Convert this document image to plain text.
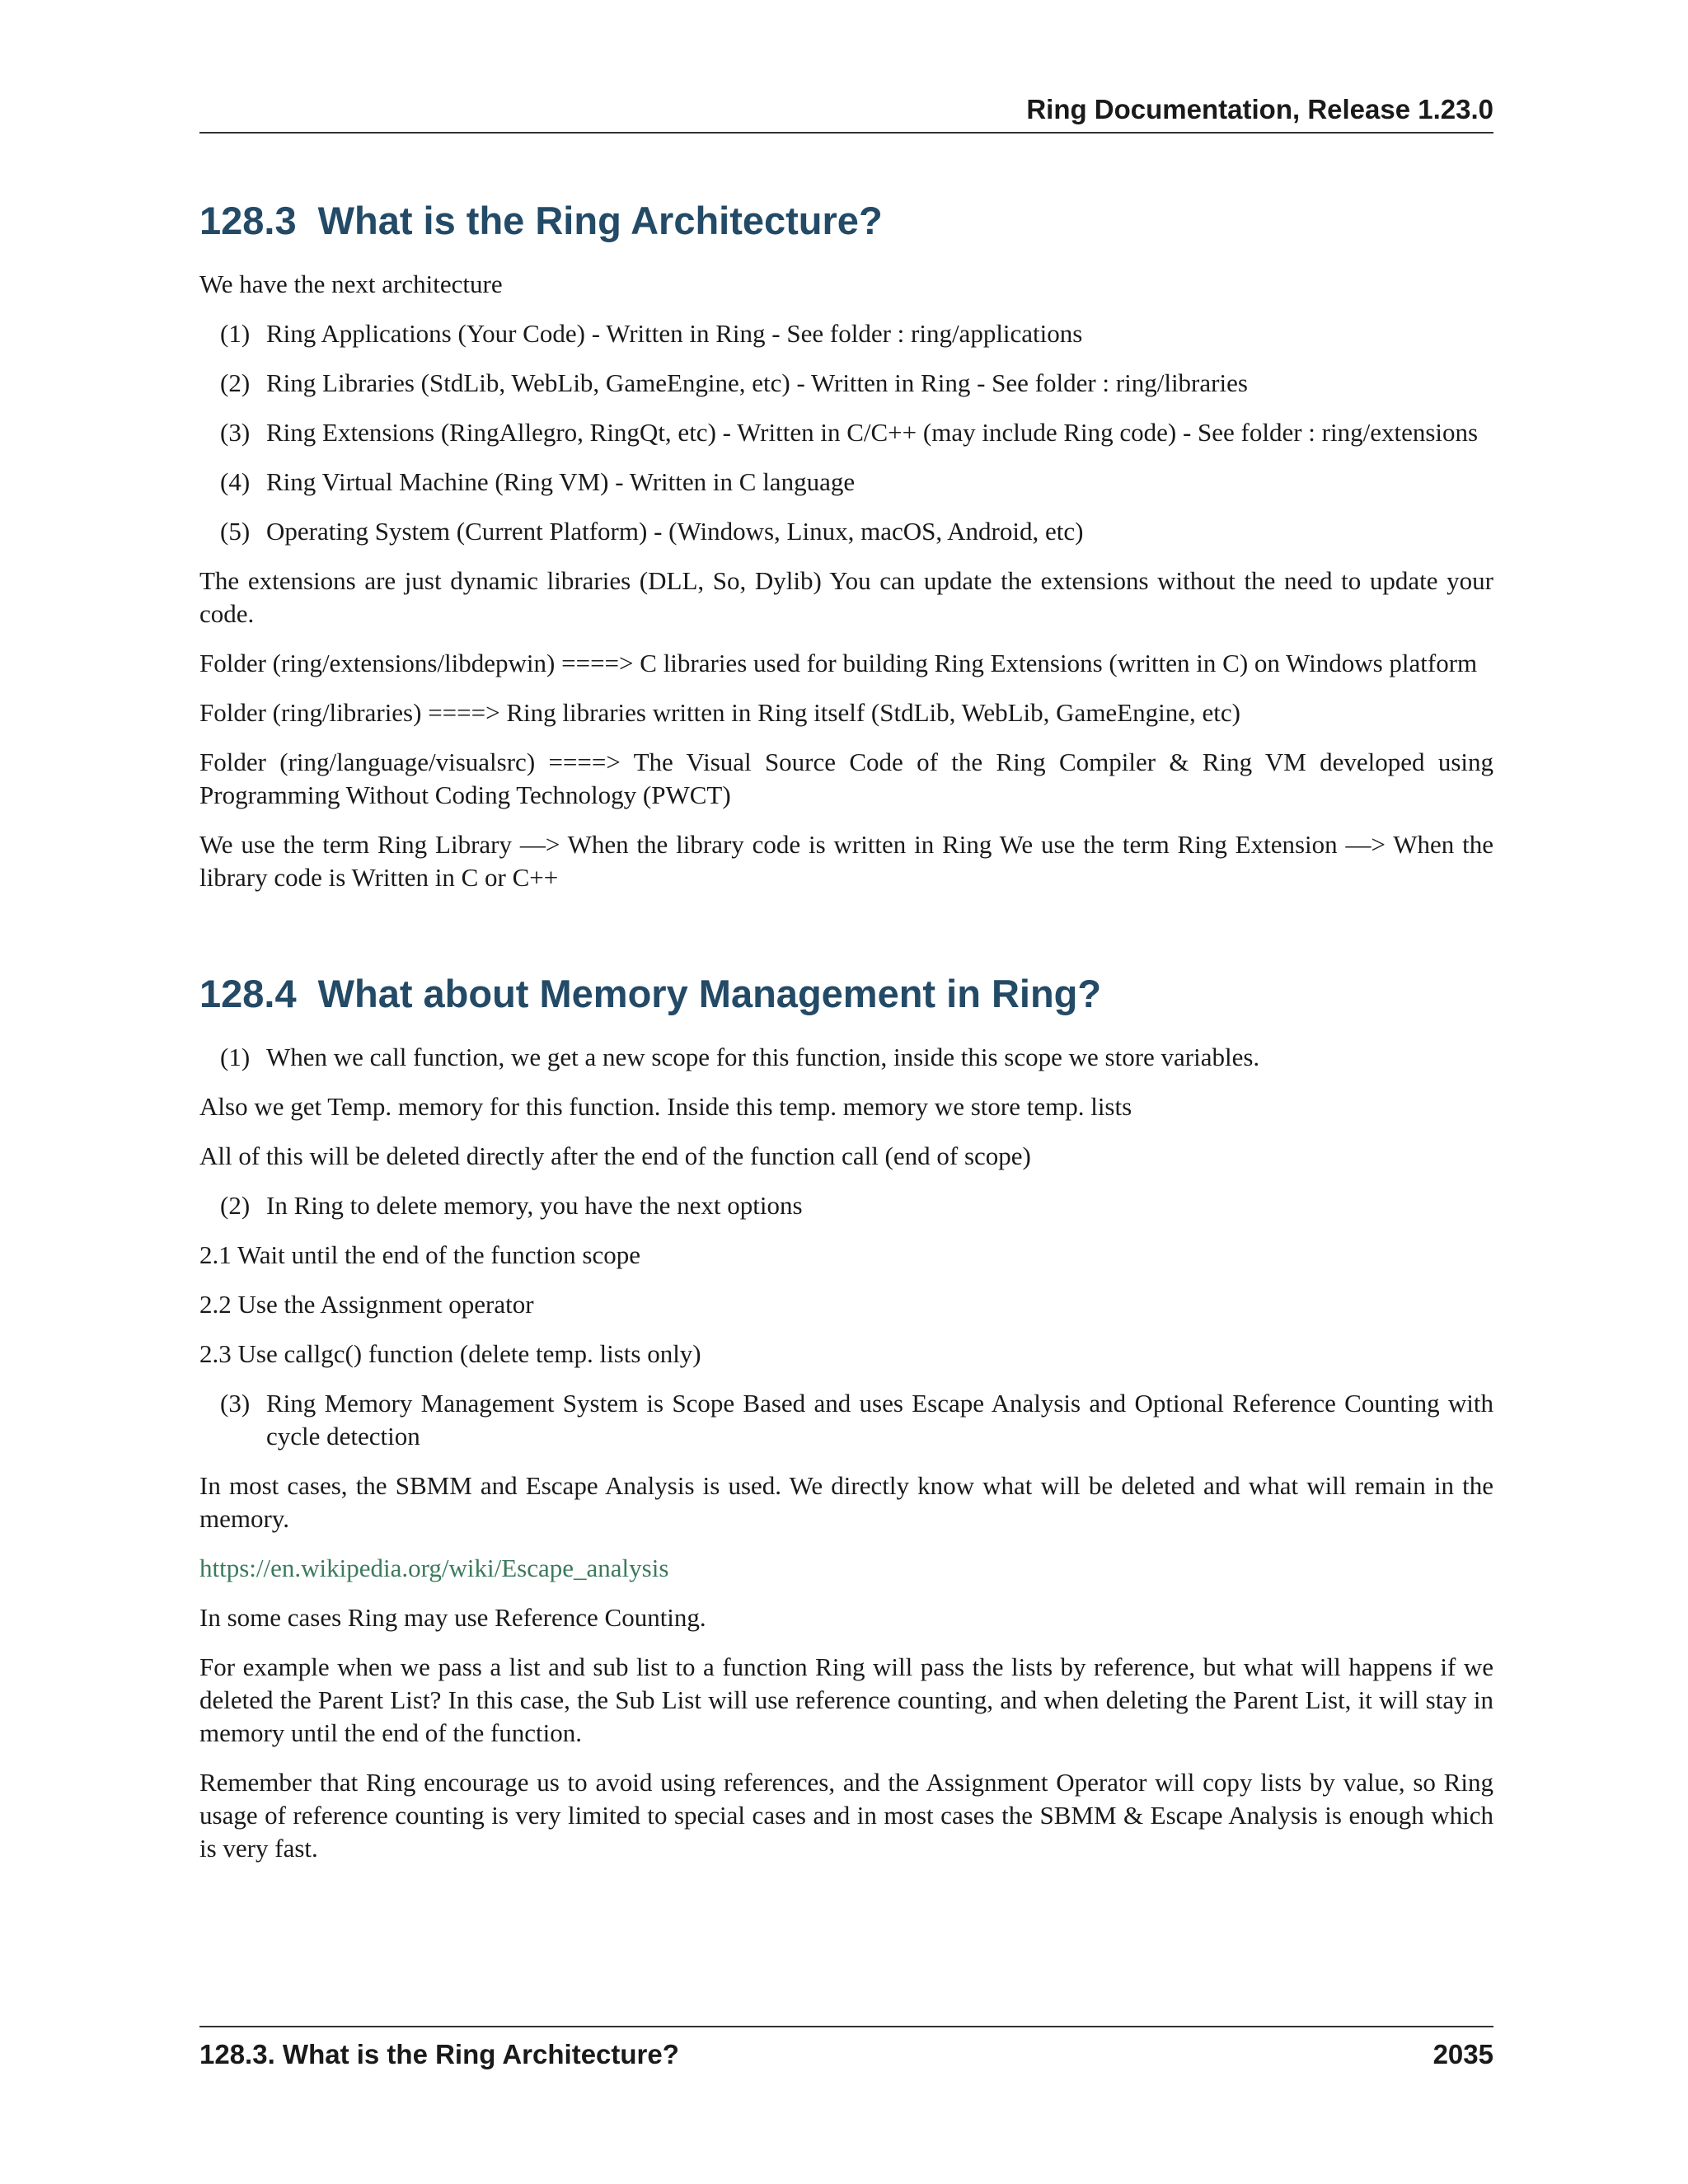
Ring Documentation, Release 1.23.0
128.3 What is the Ring Architecture?

We have the next architecture

(1) Ring Applications (Your Code) - Written in Ring - See folder : ring/applications
(2) Ring Libraries (StdLib, WebLib, GameEngine, etc) - Written in Ring - See folder : ring/libraries
(3) Ring Extensions (RingAllegro, RingQt, etc) - Written in C/C++ (may include Ring code) - See folder : ring/extensions
(4) Ring Virtual Machine (Ring VM) - Written in C language
(5) Operating System (Current Platform) - (Windows, Linux, macOS, Android, etc)

The extensions are just dynamic libraries (DLL, So, Dylib) You can update the extensions without the need to update your code.

Folder (ring/extensions/libdepwin) ====> C libraries used for building Ring Extensions (written in C) on Windows platform

Folder (ring/libraries) ====> Ring libraries written in Ring itself (StdLib, WebLib, GameEngine, etc)

Folder (ring/language/visualsrc) ====> The Visual Source Code of the Ring Compiler & Ring VM developed using Programming Without Coding Technology (PWCT)

We use the term Ring Library —> When the library code is written in Ring We use the term Ring Extension —> When the library code is Written in C or C++

128.4 What about Memory Management in Ring?
(1) When we call function, we get a new scope for this function, inside this scope we store variables.

Also we get Temp. memory for this function. Inside this temp. memory we store temp. lists

All of this will be deleted directly after the end of the function call (end of scope)

(2) In Ring to delete memory, you have the next options

2.1 Wait until the end of the function scope

2.2 Use the Assignment operator

2.3 Use callgc() function (delete temp. lists only)

(3) Ring Memory Management System is Scope Based and uses Escape Analysis and Optional Reference Counting with cycle detection

In most cases, the SBMM and Escape Analysis is used. We directly know what will be deleted and what will remain in the memory.

https://en.wikipedia.org/wiki/Escape_analysis

In some cases Ring may use Reference Counting.

For example when we pass a list and sub list to a function Ring will pass the lists by reference, but what will happens if we deleted the Parent List? In this case, the Sub List will use reference counting, and when deleting the Parent List, it will stay in memory until the end of the function.

Remember that Ring encourage us to avoid using references, and the Assignment Operator will copy lists by value, so Ring usage of reference counting is very limited to special cases and in most cases the SBMM & Escape Analysis is enough which is very fast.

128.3. What is the Ring Architecture?	2035
